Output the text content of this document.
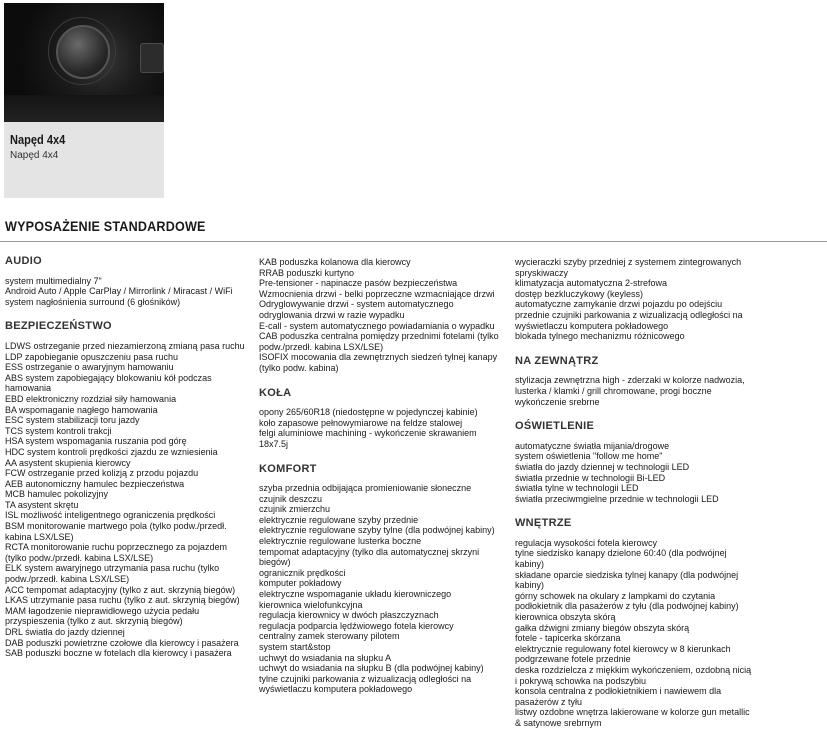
Napęd 4x4
Napęd 4x4
WYPOSAŻENIE STANDARDOWE
AUDIO
system multimedialny 7"
Android Auto / Apple CarPlay / Mirrorlink / Miracast / WiFi
system nagłośnienia surround (6 głośników)
BEZPIECZEŃSTWO
LDWS ostrzeganie przed niezamierzoną zmianą pasa ruchu
LDP zapobieganie opuszczeniu pasa ruchu
ESS ostrzeganie o awaryjnym hamowaniu
ABS system zapobiegający blokowaniu kół podczas hamowania
EBD elektroniczny rozdział siły hamowania
BA wspomaganie nagłego hamowania
ESC system stabilizacji toru jazdy
TCS system kontroli trakcji
HSA system wspomagania ruszania pod górę
HDC system kontroli prędkości zjazdu ze wzniesienia
AA asystent skupienia kierowcy
FCW ostrzeganie przed kolizją z przodu pojazdu
AEB autonomiczny hamulec bezpieczeństwa
MCB hamulec pokolizyjny
TA asystent skrętu
ISL możliwość inteligentnego ograniczenia prędkości
BSM monitorowanie martwego pola (tylko podw./przedł. kabina LSX/LSE)
RCTA monitorowanie ruchu poprzecznego za pojazdem (tylko podw./przedł. kabina LSX/LSE)
ELK system awaryjnego utrzymania pasa ruchu (tylko podw./przedł. kabina LSX/LSE)
ACC tempomat adaptacyjny (tylko z aut. skrzynią biegów)
LKAS utrzymanie pasa ruchu (tylko z aut. skrzynią biegów)
MAM łagodzenie nieprawidłowego użycia pedału przyspieszenia (tylko z aut. skrzynią biegów)
DRL światła do jazdy dziennej
DAB poduszki powietrzne czołowe dla kierowcy i pasażera
SAB poduszki boczne w fotelach dla kierowcy i pasażera
KAB poduszka kolanowa dla kierowcy
RRAB poduszki kurtyno
Pre-tensioner - napinacze pasów bezpieczeństwa
Wzmocnienia drzwi - belki poprzeczne wzmacniające drzwi
Odryglowywanie drzwi - system automatycznego odryglowania drzwi w razie wypadku
E-call - system automatycznego powiadamiania o wypadku
CAB poduszka centralna pomiędzy przednimi fotelami (tylko podw./przedł. kabina LSX/LSE)
ISOFIX mocowania dla zewnętrznych siedzeń tylnej kanapy (tylko podw. kabina)
KOŁA
opony 265/60R18 (niedostępne w pojedynczej kabinie)
koło zapasowe pełnowymiarowe na feldze stalowej
felgi aluminiowe machining - wykończenie skrawaniem 18x7.5j
KOMFORT
szyba przednia odbijająca promieniowanie słoneczne
czujnik deszczu
czujnik zmierzchu
elektrycznie regulowane szyby przednie
elektrycznie regulowane szyby tylne (dla podwójnej kabiny)
elektrycznie regulowane lusterka boczne
tempomat adaptacyjny (tylko dla automatycznej skrzyni biegów)
ogranicznik prędkości
komputer pokładowy
elektryczne wspomaganie układu kierowniczego
kierownica wielofunkcyjna
regulacja kierownicy w dwóch płaszczyznach
regulacja podparcia lędźwiowego fotela kierowcy
centralny zamek sterowany pilotem
system start&stop
uchwyt do wsiadania na słupku A
uchwyt do wsiadania na słupku B (dla podwójnej kabiny)
tylne czujniki parkowania z wizualizacją odległości na wyświetlaczu komputera pokładowego
wycieraczki szyby przedniej z systemem zintegrowanych spryskiwaczy
klimatyzacja automatyczna 2-strefowa
dostęp bezkluczykowy (keyless)
automatyczne zamykanie drzwi pojazdu po odejściu
przednie czujniki parkowania z wizualizacją odległości na wyświetlaczu komputera pokładowego
blokada tylnego mechanizmu różnicowego
NA ZEWNĄTRZ
stylizacja zewnętrzna high - zderzaki w kolorze nadwozia, lusterka / klamki / grill chromowane, progi boczne wykończenie srebrne
OŚWIETLENIE
automatyczne światła mijania/drogowe
system oświetlenia "follow me home"
światła do jazdy dziennej w technologii LED
światła przednie w technologii Bi-LED
światła tylne w technologii LED
światła przeciwmgielne przednie w technologii LED
WNĘTRZE
regulacja wysokości fotela kierowcy
tylne siedzisko kanapy dzielone 60:40 (dla podwójnej kabiny)
składane oparcie siedziska tylnej kanapy (dla podwójnej kabiny)
górny schowek na okulary z lampkami do czytania
podłokietnik dla pasażerów z tyłu (dla podwójnej kabiny)
kierownica obszyta skórą
gałka dźwigni zmiany biegów obszyta skórą
fotele - tapicerka skórzana
elektrycznie regulowany fotel kierowcy w 8 kierunkach
podgrzewane fotele przednie
deska rozdzielcza z miękkim wykończeniem, ozdobną nicią i pokrywą schowka na podszybiu
konsola centralna z podłokietnikiem i nawiewem dla pasażerów z tyłu
listwy ozdobne wnętrza lakierowane w kolorze gun metallic & satynowe srebrnym
